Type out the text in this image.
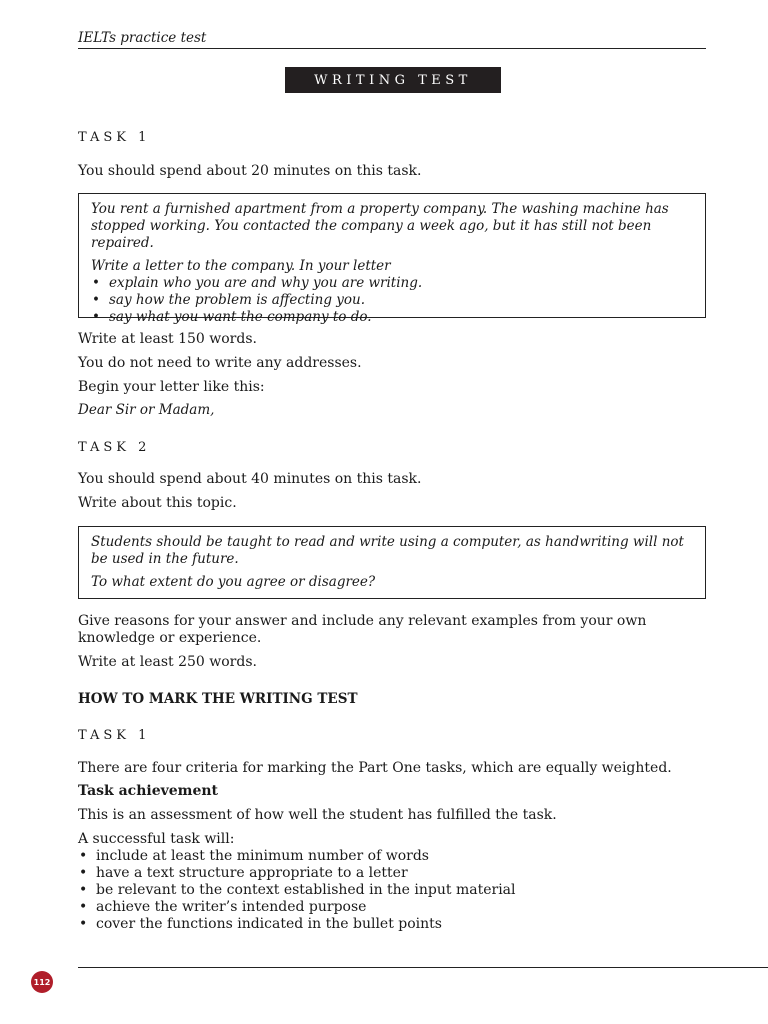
IELTs practice test
WRITING TEST
TASK 1
You should spend about 20 minutes on this task.
You rent a furnished apartment from a property company. The washing machine has stopped working. You contacted the company a week ago, but it has still not been repaired.
Write a letter to the company. In your letter
• explain who you are and why you are writing.
• say how the problem is affecting you.
• say what you want the company to do.
Write at least 150 words.
You do not need to write any addresses.
Begin your letter like this:
Dear Sir or Madam,
TASK 2
You should spend about 40 minutes on this task.
Write about this topic.
Students should be taught to read and write using a computer, as handwriting will not be used in the future.
To what extent do you agree or disagree?
Give reasons for your answer and include any relevant examples from your own knowledge or experience.
Write at least 250 words.
HOW TO MARK THE WRITING TEST
TASK 1
There are four criteria for marking the Part One tasks, which are equally weighted.
Task achievement
This is an assessment of how well the student has fulfilled the task.
A successful task will:
• include at least the minimum number of words
• have a text structure appropriate to a letter
• be relevant to the context established in the input material
• achieve the writer’s intended purpose
• cover the functions indicated in the bullet points
112
